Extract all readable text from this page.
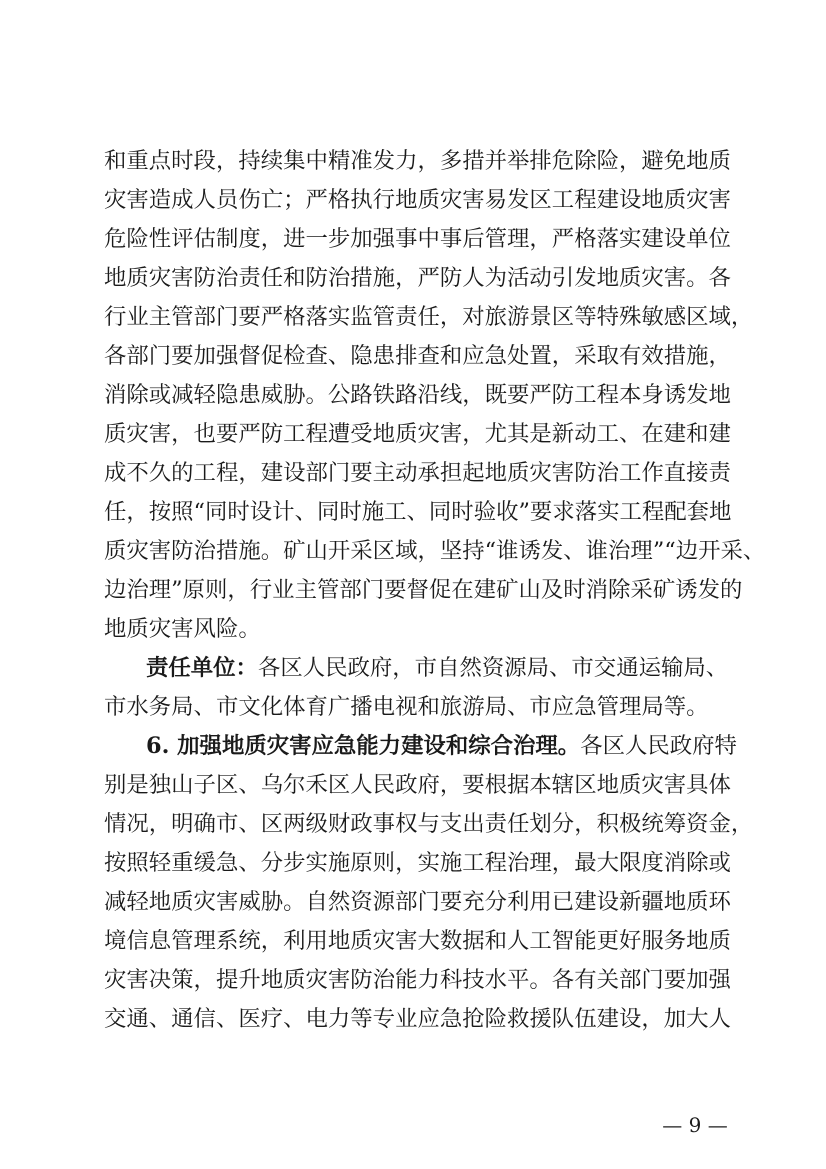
和重点时段，持续集中精准发力，多措并举排危除险，避免地质
灾害造成人员伤亡；严格执行地质灾害易发区工程建设地质灾害
危险性评估制度，进一步加强事中事后管理，严格落实建设单位
地质灾害防治责任和防治措施，严防人为活动引发地质灾害。各
行业主管部门要严格落实监管责任，对旅游景区等特殊敏感区域，
各部门要加强督促检查、隐患排查和应急处置，采取有效措施，
消除或减轻隐患威胁。公路铁路沿线，既要严防工程本身诱发地
质灾害，也要严防工程遭受地质灾害，尤其是新动工、在建和建
成不久的工程，建设部门要主动承担起地质灾害防治工作直接责
任，按照“同时设计、同时施工、同时验收”要求落实工程配套地
质灾害防治措施。矿山开采区域，坚持“谁诱发、谁治理”“边开采、
边治理”原则，行业主管部门要督促在建矿山及时消除采矿诱发的
地质灾害风险。
责任单位：各区人民政府，市自然资源局、市交通运输局、
市水务局、市文化体育广播电视和旅游局、市应急管理局等。
6. 加强地质灾害应急能力建设和综合治理。各区人民政府特
别是独山子区、乌尔禾区人民政府，要根据本辖区地质灾害具体
情况，明确市、区两级财政事权与支出责任划分，积极统筹资金，
按照轻重缓急、分步实施原则，实施工程治理，最大限度消除或
减轻地质灾害威胁。自然资源部门要充分利用已建设新疆地质环
境信息管理系统，利用地质灾害大数据和人工智能更好服务地质
灾害决策，提升地质灾害防治能力科技水平。各有关部门要加强
交通、通信、医疗、电力等专业应急抢险救援队伍建设，加大人
— 9 —
